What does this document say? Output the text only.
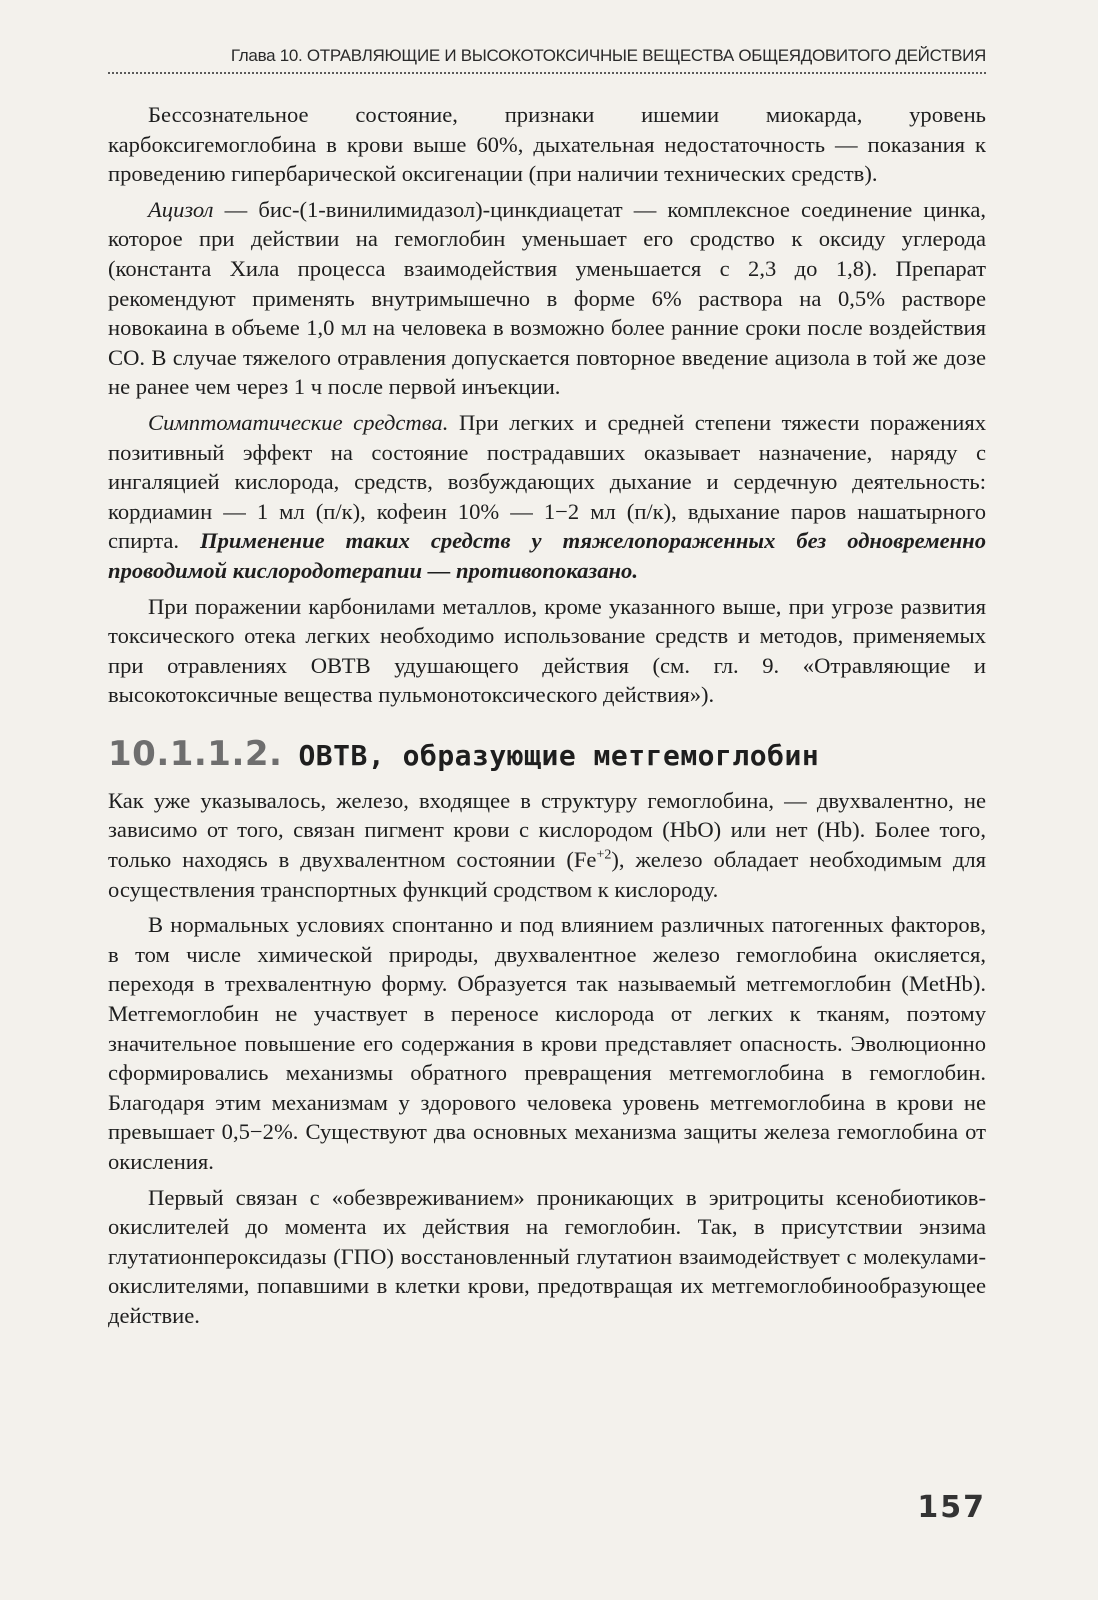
Глава 10. ОТРАВЛЯЮЩИЕ И ВЫСОКОТОКСИЧНЫЕ ВЕЩЕСТВА ОБЩЕЯДОВИТОГО ДЕЙСТВИЯ

Бессознательное состояние, признаки ишемии миокарда, уровень карбоксигемоглобина в крови выше 60%, дыхательная недостаточность — показания к проведению гипербарической оксигенации (при наличии технических средств).

Ацизол — бис-(1-винилимидазол)-цинкдиацетат — комплексное соединение цинка, которое при действии на гемоглобин уменьшает его сродство к оксиду углерода (константа Хила процесса взаимодействия уменьшается с 2,3 до 1,8). Препарат рекомендуют применять внутримышечно в форме 6% раствора на 0,5% растворе новокаина в объеме 1,0 мл на человека в возможно более ранние сроки после воздействия СО. В случае тяжелого отравления допускается повторное введение ацизола в той же дозе не ранее чем через 1 ч после первой инъекции.

Симптоматические средства. При легких и средней степени тяжести поражениях позитивный эффект на состояние пострадавших оказывает назначение, наряду с ингаляцией кислорода, средств, возбуждающих дыхание и сердечную деятельность: кордиамин — 1 мл (п/к), кофеин 10% — 1−2 мл (п/к), вдыхание паров нашатырного спирта. Применение таких средств у тяжелопораженных без одновременно проводимой кислородотерапии — противопоказано.

При поражении карбонилами металлов, кроме указанного выше, при угрозе развития токсического отека легких необходимо использование средств и методов, применяемых при отравлениях ОВТВ удушающего действия (см. гл. 9. «Отравляющие и высокотоксичные вещества пульмонотоксического действия»).

10.1.1.2. ОВТВ, образующие метгемоглобин

Как уже указывалось, железо, входящее в структуру гемоглобина, — двухвалентно, не зависимо от того, связан пигмент крови с кислородом (HbO) или нет (Hb). Более того, только находясь в двухвалентном состоянии $(Fe^{+2})$, железо обладает необходимым для осуществления транспортных функций сродством к кислороду.

В нормальных условиях спонтанно и под влиянием различных патогенных факторов, в том числе химической природы, двухвалентное железо гемоглобина окисляется, переходя в трехвалентную форму. Образуется так называемый метгемоглобин (MetHb). Метгемоглобин не участвует в переносе кислорода от легких к тканям, поэтому значительное повышение его содержания в крови представляет опасность. Эволюционно сформировались механизмы обратного превращения метгемоглобина в гемоглобин. Благодаря этим механизмам у здорового человека уровень метгемоглобина в крови не превышает 0,5−2%. Существуют два основных механизма защиты железа гемоглобина от окисления.

Первый связан с «обезвреживанием» проникающих в эритроциты ксенобиотиков-окислителей до момента их действия на гемоглобин. Так, в присутствии энзима глутатионпероксидазы (ГПО) восстановленный глутатион взаимодействует с молекулами-окислителями, попавшими в клетки крови, предотвращая их метгемоглобинообразующее действие.

157
